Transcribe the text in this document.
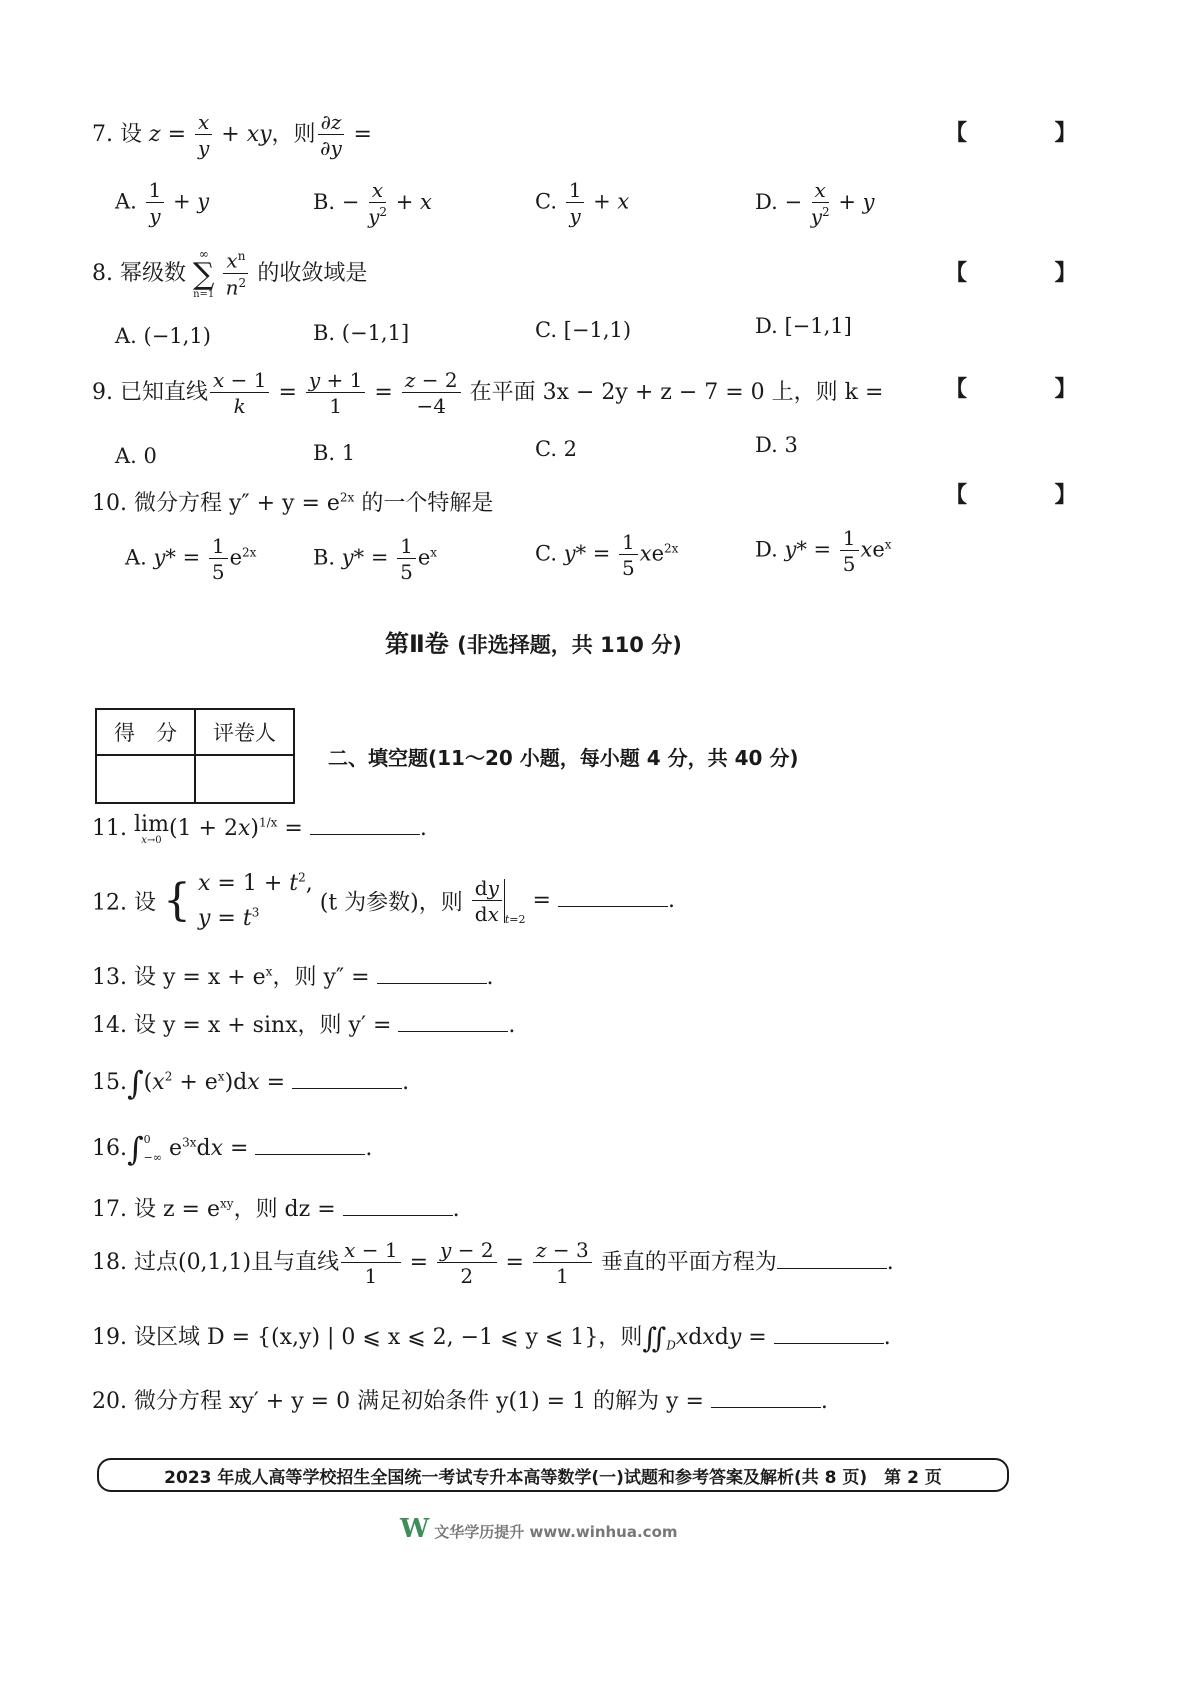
7. 设 $z = \frac{x}{y}$ + xy，则 $\frac{\partial z}{\partial y}$ =	【 】
A. $\frac{1}{y} + y$	B. − $\frac{x}{y^2} + x$	C. $\frac{1}{y} + x$	D. − $\frac{x}{y^2} + y$
8. 幂级数
∞
∑
n=1
$\frac{x^n}{n^2}$ 的收敛域是	【 】
A. (−1,1)	B. (−1,1]	C. [−1,1)	D. [−1,1]
9. 已知直线 $\frac{x - 1}{k} = \frac{y + 1}{1} = \frac{z - 2}{-4}$ 在平面 3x − 2y + z − 7 = 0 上，则 k =	【 】
A. 0	B. 1	C. 2	D. 3
10. 微分方程 $y'' + y = e^{2x}$ 的一个特解是	【 】
A. $y* = \frac{1}{5} e^{2x}$	B. $y* = \frac{1}{5} e^x$	C. $y* = \frac{1}{5} xe^{2x}$	D. $y* = \frac{1}{5} xe^x$
第Ⅱ卷 (非选择题，共 110 分)
得　分	评卷人

二、填空题(11～20 小题，每小题 4 分，共 40 分)
11. lim
x→0 $(1 + 2x)^{1/x}$ =	.
12. 设 { $x = 1 + t^2$,
$y = t^3$	(t 为参数)，则 $\frac{dy}{dx} _{t=2}$ =	.
13. 设 $y = x + e^x$，则 y″ =	.
14. 设 y = x + sinx，则 y′ =	.
$15.\int(x^2 + e^x)dx$ =	.
16.∫ 0
−∞ $e^{3x}dx$ =	.
17. 设 $z = e^{xy}$，则 dz =	.
18. 过点(0,1,1)且与直线 $\frac{x - 1}{1} = \frac{y - 2}{2} = \frac{z - 3}{1}$ 垂直的平面方程为	.
19. 设区域 D = {(x,y) | 0 ⩽ x ⩽ 2, −1 ⩽ y ⩽ 1}，则$∬_Dxdxdy$ =	.
20. 微分方程 xy′ + y = 0 满足初始条件 y(1) = 1 的解为 y =	.
2023 年成人高等学校招生全国统一考试专升本高等数学(一)试题和参考答案及解析(共 8 页)　第 2 页
W 文华学历提升 www.winhua.com
